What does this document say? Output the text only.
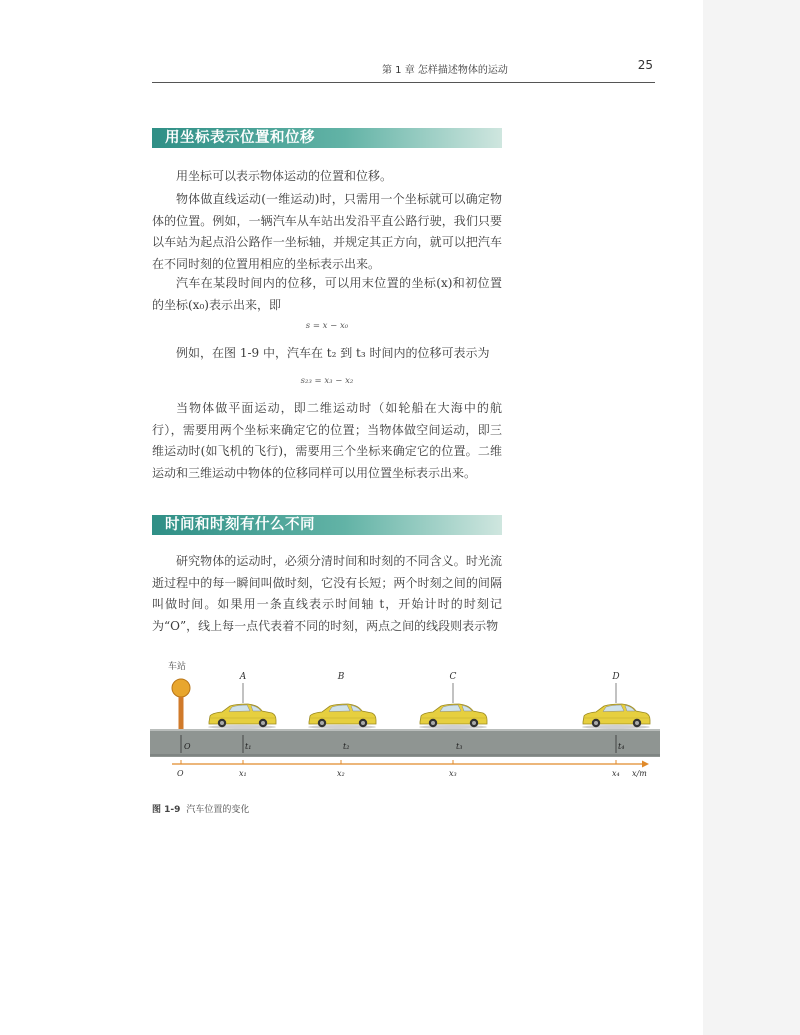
第 1 章 怎样描述物体的运动	25
用坐标表示位置和位移

用坐标可以表示物体运动的位置和位移。

物体做直线运动(一维运动)时，只需用一个坐标就可以确定物体的位置。例如，一辆汽车从车站出发沿平直公路行驶，我们只要以车站为起点沿公路作一坐标轴，并规定其正方向，就可以把汽车在不同时刻的位置用相应的坐标表示出来。

汽车在某段时间内的位移，可以用末位置的坐标(x)和初位置的坐标(x₀)表示出来，即

s = x − x₀

例如，在图 1-9 中，汽车在 t₂ 到 t₃ 时间内的位移可表示为

s₂₃ = x₃ − x₂

当物体做平面运动，即二维运动时（如轮船在大海中的航行），需要用两个坐标来确定它的位置；当物体做空间运动，即三维运动时(如飞机的飞行)，需要用三个坐标来确定它的位置。二维运动和三维运动中物体的位移同样可以用位置坐标表示出来。

时间和时刻有什么不同

研究物体的运动时，必须分清时间和时刻的不同含义。时光流逝过程中的每一瞬间叫做时刻，它没有长短；两个时刻之间的间隔叫做时间。如果用一条直线表示时间轴 t，开始计时的时刻记为“O”，线上每一点代表着不同的时刻，两点之间的线段则表示物

车站
A	B	C	D
O	t₁	t₂	t₃	t₄
O	x₁	x₂	x₃	x₄ x/m
图 1-9 汽车位置的变化
